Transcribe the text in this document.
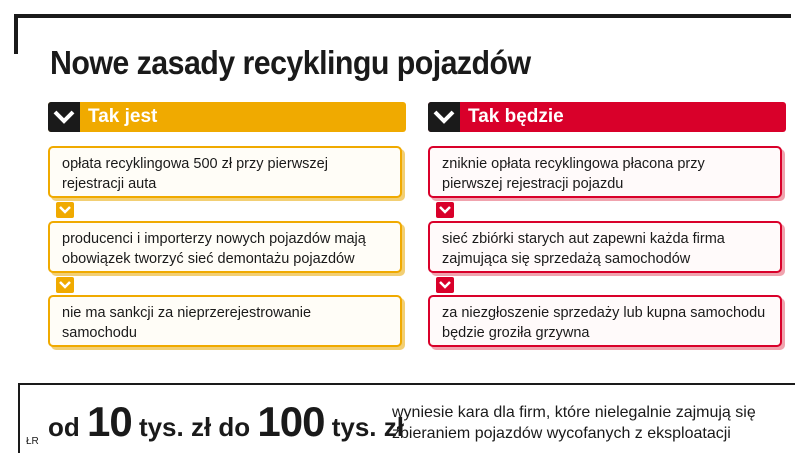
Nowe zasady recyklingu pojazdów
Tak jest
opłata recyklingowa 500 zł przy pierwszej rejestracji auta
producenci i importerzy nowych pojazdów mają obowiązek tworzyć sieć demontażu pojazdów
nie ma sankcji za nieprzerejestrowanie samochodu
Tak będzie
zniknie opłata recyklingowa płacona przy pierwszej rejestracji pojazdu
sieć zbiórki starych aut zapewni każda firma zajmująca się sprzedażą samochodów
za niezgłoszenie sprzedaży lub kupna samochodu będzie groziła grzywna
ŁR od 10 tys. zł do 100 tys. zł
wyniesie kara dla firm, które nielegalnie zajmują się zbieraniem pojazdów wycofanych z eksploatacji
